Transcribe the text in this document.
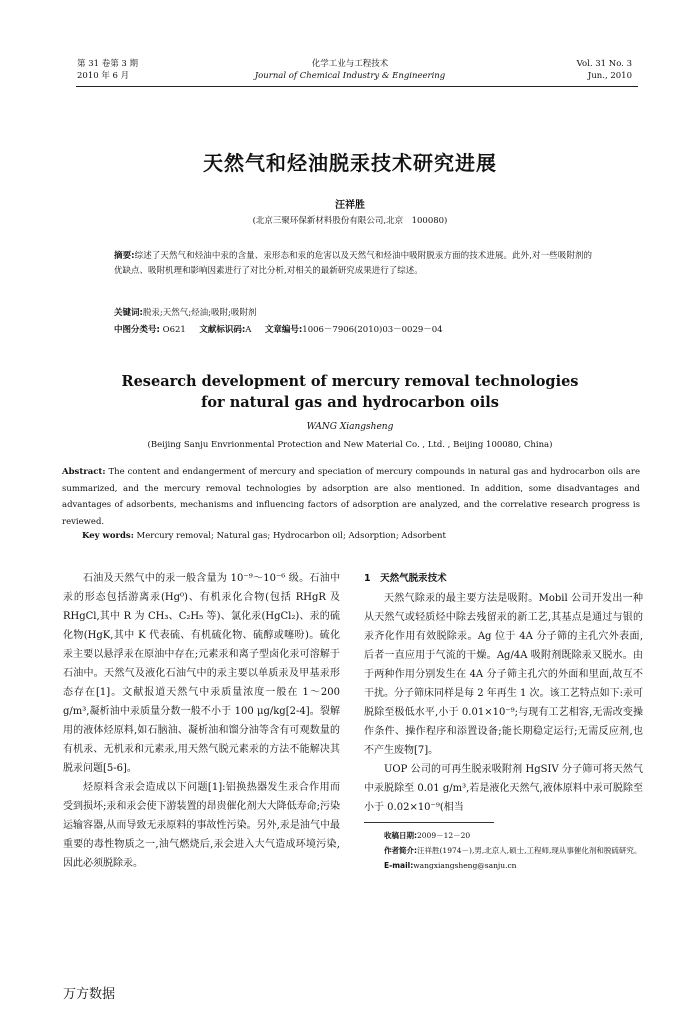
第 31 卷第 3 期
2010 年 6 月
化学工业与工程技术
Journal of Chemical Industry & Engineering
Vol. 31 No. 3
Jun., 2010
天然气和烃油脱汞技术研究进展
汪祥胜
(北京三聚环保新材料股份有限公司,北京　100080)
摘要:综述了天然气和烃油中汞的含量、汞形态和汞的危害以及天然气和烃油中吸附脱汞方面的技术进展。此外,对一些吸附剂的优缺点、吸附机理和影响因素进行了对比分析,对相关的最新研究成果进行了综述。
关键词:脱汞;天然气;烃油;吸附;吸附剂
中图分类号: O621 文献标识码:A 文章编号:1006－7906(2010)03－0029－04
Research development of mercury removal technologies
for natural gas and hydrocarbon oils
WANG Xiangsheng
(Beijing Sanju Envrionmental Protection and New Material Co. , Ltd. , Beijing 100080, China)
Abstract: The content and endangerment of mercury and speciation of mercury compounds in natural gas and hydrocarbon oils are summarized, and the mercury removal technologies by adsorption are also mentioned. In addition, some disadvantages and advantages of adsorbents, mechanisms and influencing factors of adsorption are analyzed, and the correlative research progress is reviewed.
Key words: Mercury removal; Natural gas; Hydrocarbon oil; Adsorption; Adsorbent

石油及天然气中的汞一般含量为 10⁻⁹～10⁻⁶ 级。石油中汞的形态包括游离汞(Hg⁰)、有机汞化合物(包括 RHgR 及 RHgCl,其中 R 为 CH₃、C₂H₅ 等)、氯化汞(HgCl₂)、汞的硫化物(HgK,其中 K 代表硫、有机硫化物、硫醇或噻吩)。硫化汞主要以悬浮汞在原油中存在;元素汞和离子型卤化汞可溶解于石油中。天然气及液化石油气中的汞主要以单质汞及甲基汞形态存在[1]。文献报道天然气中汞质量浓度一般在 1～200 g/m³,凝析油中汞质量分数一般不小于 100 μg/kg[2-4]。裂解用的液体烃原料,如石脑油、凝析油和馏分油等含有可观数量的有机汞、无机汞和元素汞,用天然气脱元素汞的方法不能解决其脱汞问题[5-6]。

烃原料含汞会造成以下问题[1]:铝换热器发生汞合作用而受到损坏;汞和汞会使下游装置的昂贵催化剂大大降低寿命;污染运输容器,从而导致无汞原料的事故性污染。另外,汞是油气中最重要的毒性物质之一,油气燃烧后,汞会进入大气造成环境污染,因此必须脱除汞。

1　天然气脱汞技术

天然气除汞的最主要方法是吸附。Mobil 公司开发出一种从天然气或轻质烃中除去残留汞的新工艺,其基点是通过与银的汞齐化作用有效脱除汞。Ag 位于 4A 分子筛的主孔穴外表面,后者一直应用于气流的干燥。Ag/4A 吸附剂既除汞又脱水。由于两种作用分别发生在 4A 分子筛主孔穴的外面和里面,故互不干扰。分子筛床同样是每 2 年再生 1 次。该工艺特点如下:汞可脱除至极低水平,小于 0.01×10⁻⁹;与现有工艺相容,无需改变操作条件、操作程序和添置设备;能长期稳定运行;无需反应剂,也不产生废物[7]。

UOP 公司的可再生脱汞吸附剂 HgSIV 分子筛可将天然气中汞脱除至 0.01 g/m³,若是液化天然气,液体原料中汞可脱除至小于 0.02×10⁻⁹(相当

收稿日期:2009－12－20
作者简介:汪祥胜(1974－),男,北京人,硕士,工程师,现从事催化剂和脱硫研究。
E-mail:wangxiangsheng@sanju.cn
万方数据
